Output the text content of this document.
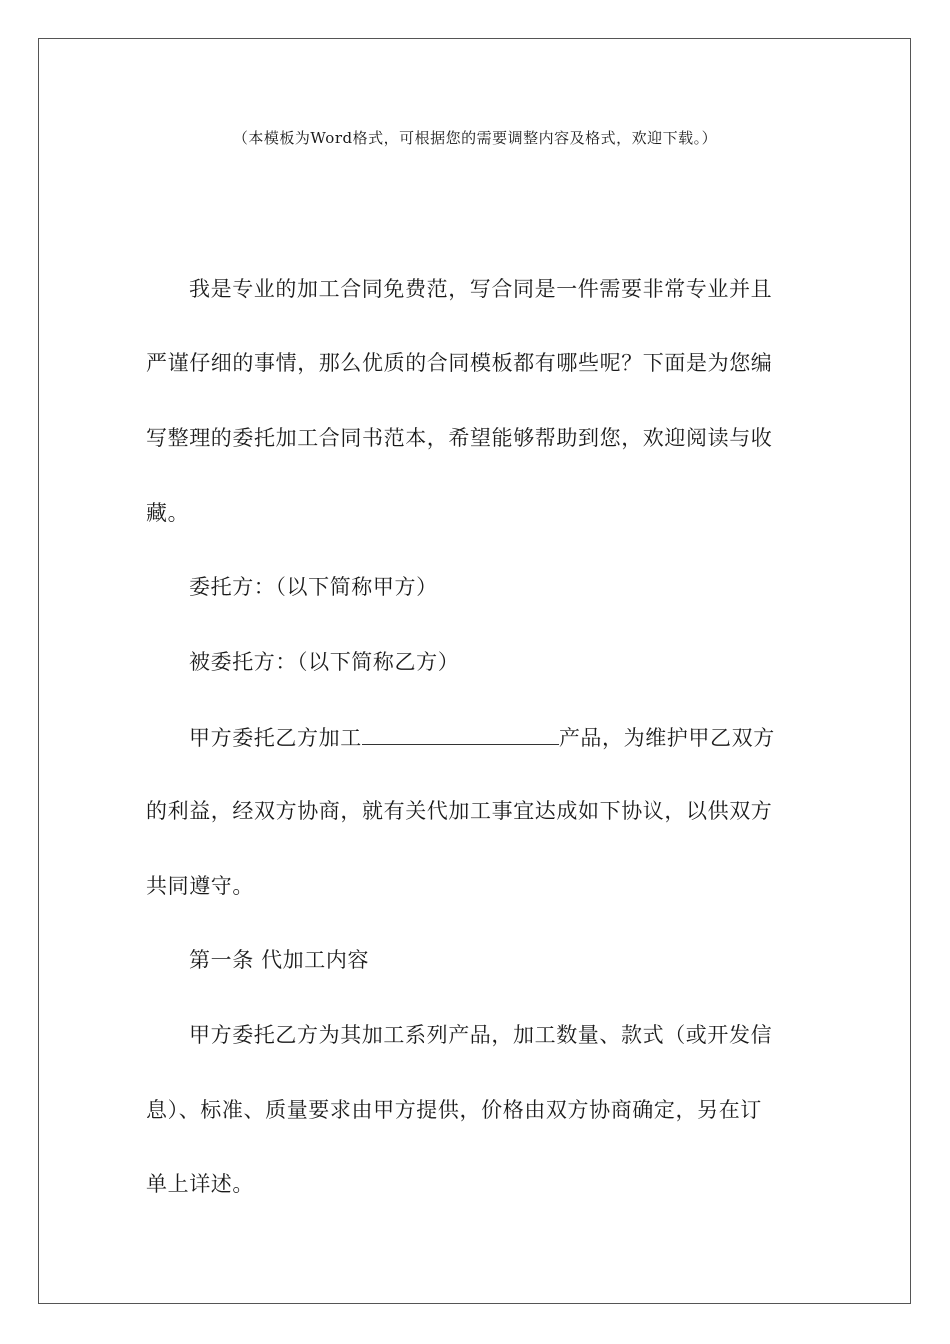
（本模板为Word格式，可根据您的需要调整内容及格式，欢迎下载。）
我是专业的加工合同免费范，写合同是一件需要非常专业并且
严谨仔细的事情，那么优质的合同模板都有哪些呢？下面是为您编
写整理的委托加工合同书范本，希望能够帮助到您，欢迎阅读与收
藏。
委托方：（以下简称甲方）
被委托方：（以下简称乙方）
甲方委托乙方加工	产品，为维护甲乙双方
的利益，经双方协商，就有关代加工事宜达成如下协议，以供双方
共同遵守。
第一条 代加工内容
甲方委托乙方为其加工系列产品，加工数量、款式（或开发信
息）、标准、质量要求由甲方提供，价格由双方协商确定，另在订
单上详述。
